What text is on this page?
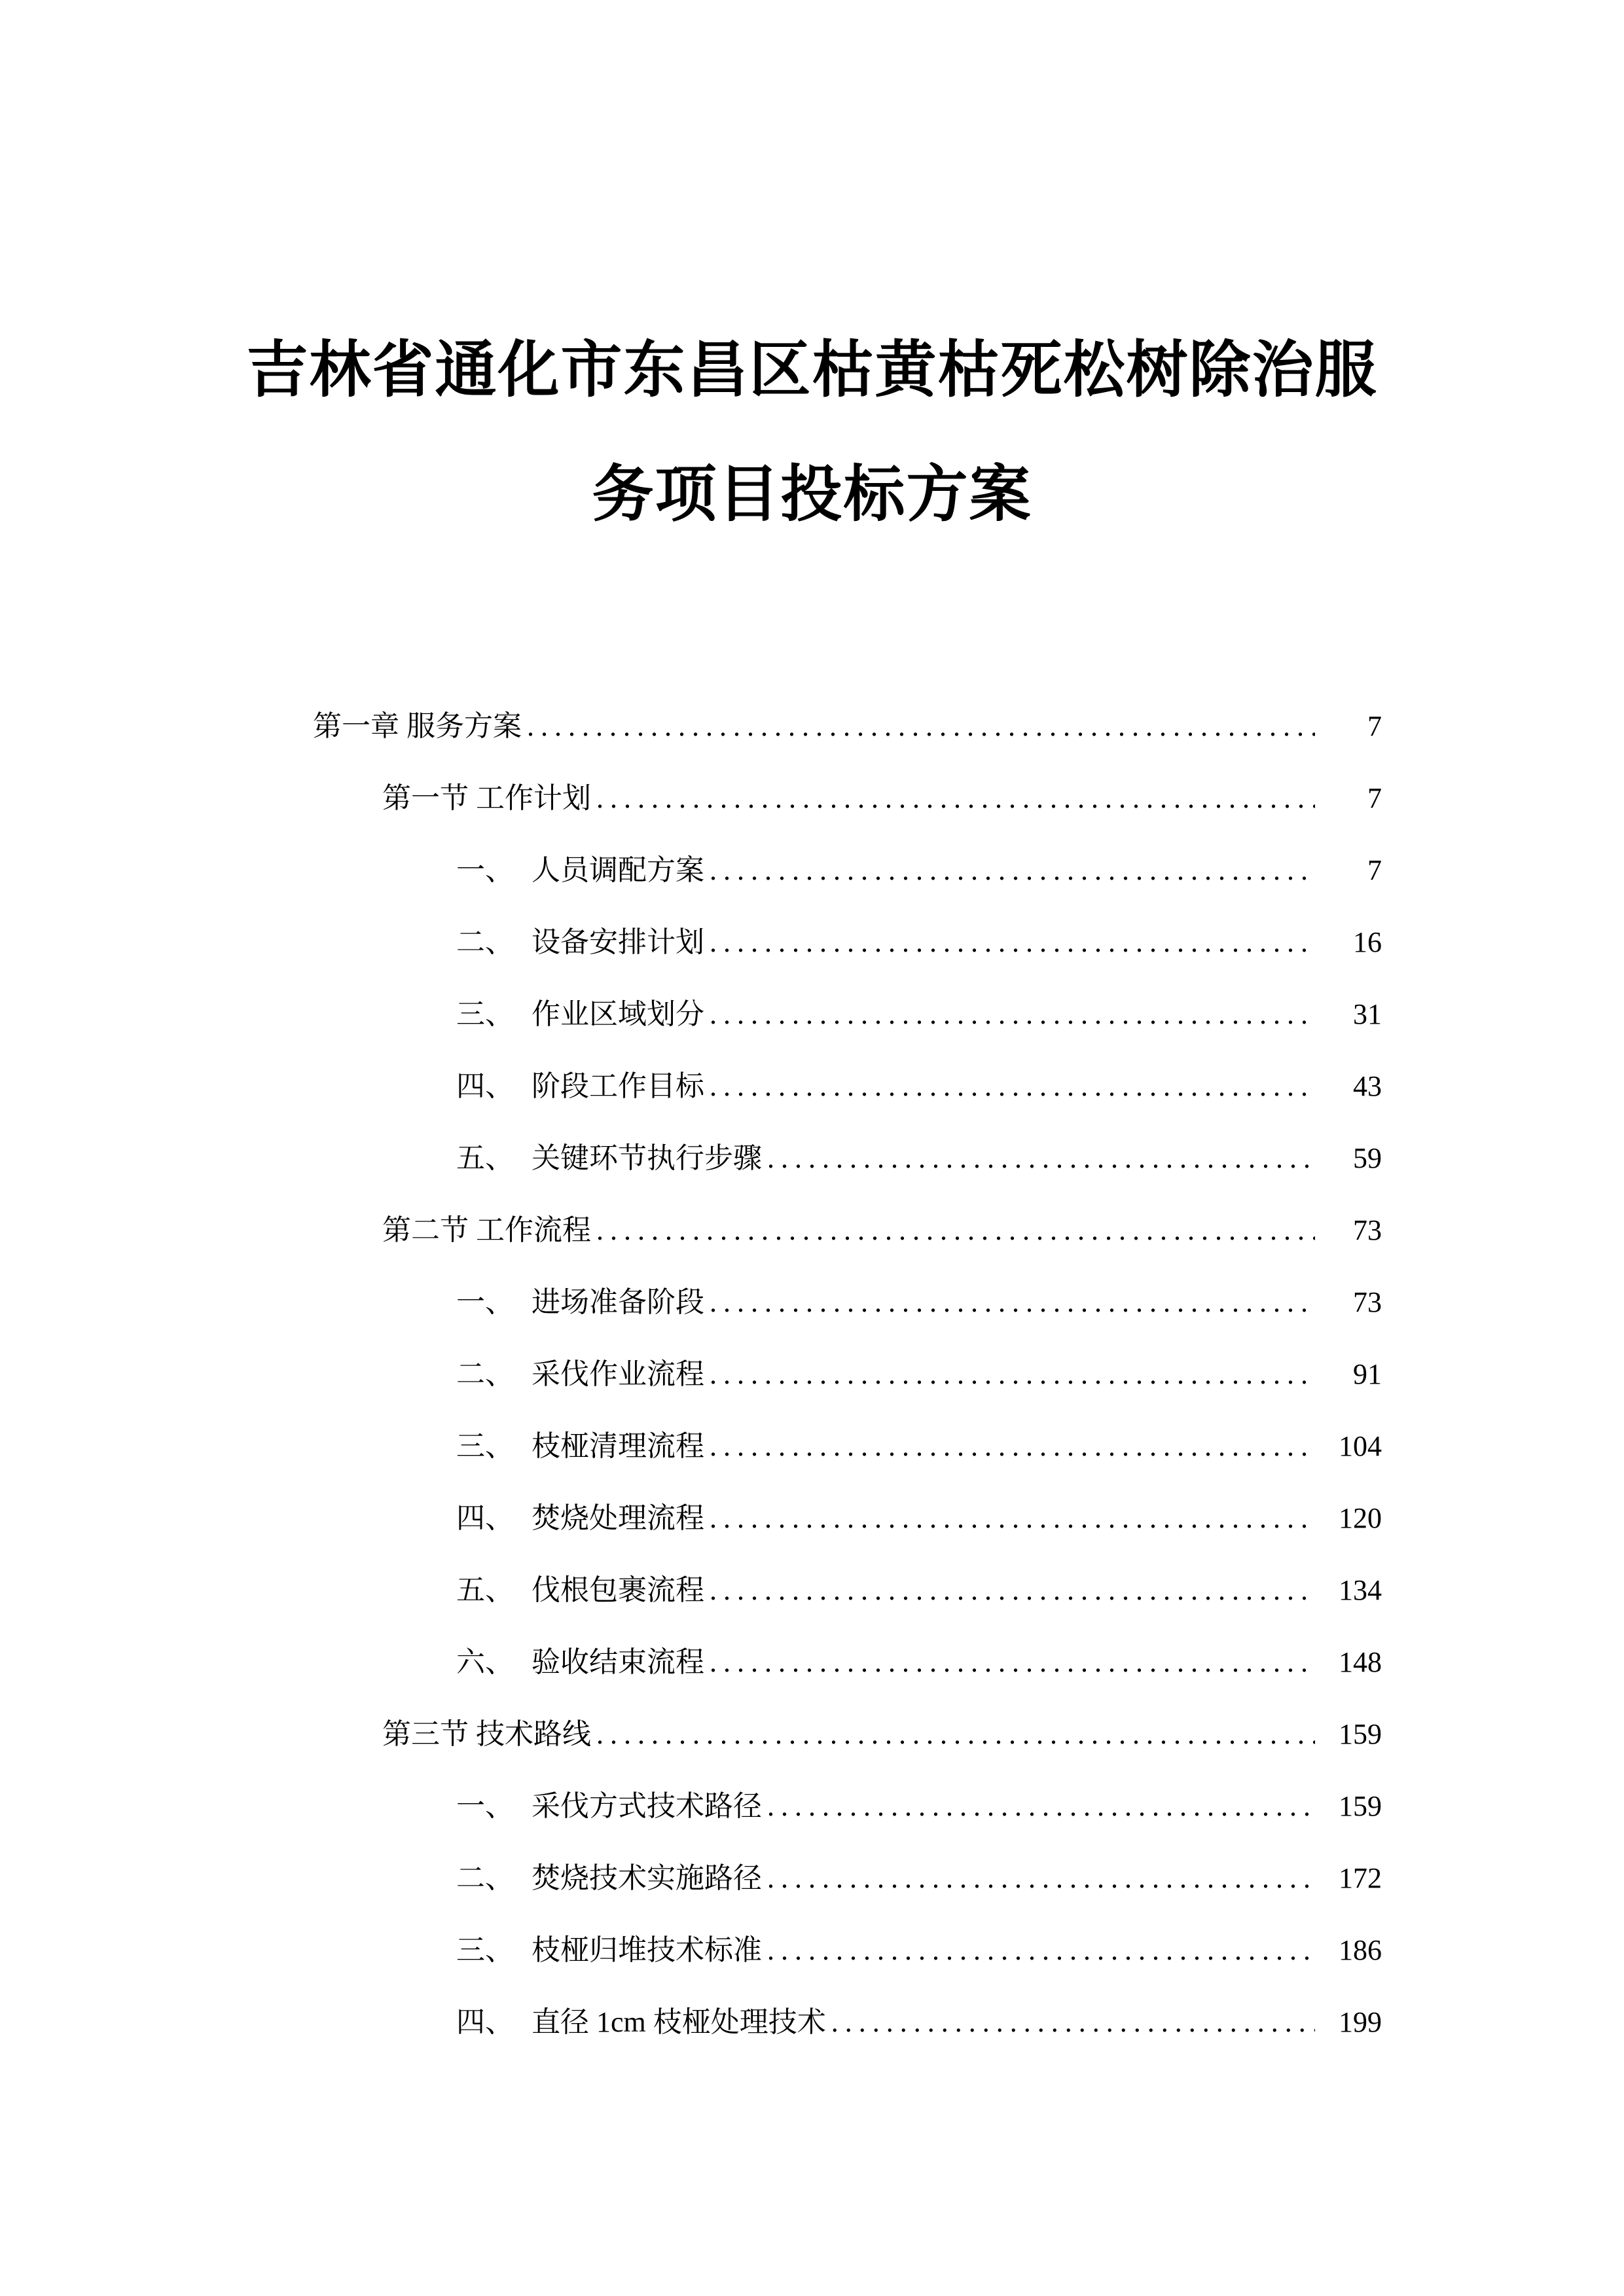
吉林省通化市东昌区枯黄枯死松树除治服
务项目投标方案
第一章 服务方案 .....	7
第一节 工作计划 .....	7
一、 人员调配方案 .....	7
二、 设备安排计划 .....	16
三、 作业区域划分 .....	31
四、 阶段工作目标 .....	43
五、 关键环节执行步骤 .....	59
第二节 工作流程 .....	73
一、 进场准备阶段 .....	73
二、 采伐作业流程 .....	91
三、 枝桠清理流程 .....	104
四、 焚烧处理流程 .....	120
五、 伐根包裹流程 .....	134
六、 验收结束流程 .....	148
第三节 技术路线 .....	159
一、 采伐方式技术路径 .....	159
二、 焚烧技术实施路径 .....	172
三、 枝桠归堆技术标准 .....	186
四、 直径 1cm 枝桠处理技术 .....	199
